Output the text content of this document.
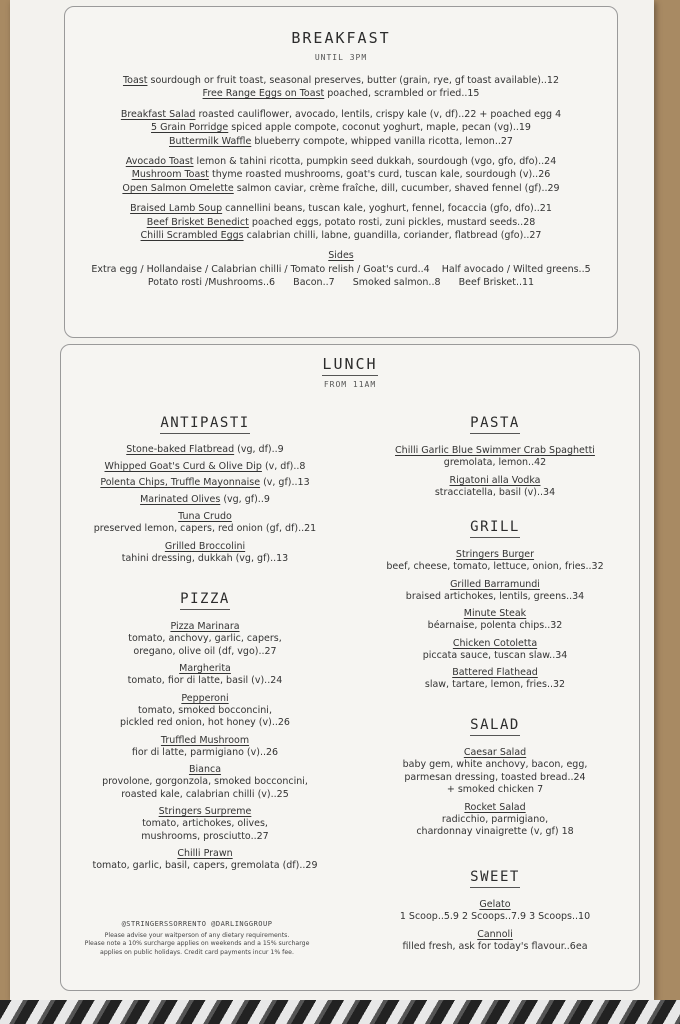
BREAKFAST
UNTIL 3PM
Toast sourdough or fruit toast, seasonal preserves, butter (grain, rye, gf toast available)..12
Free Range Eggs on Toast poached, scrambled or fried..15
Breakfast Salad roasted cauliflower, avocado, lentils, crispy kale (v, df)..22 + poached egg 4
5 Grain Porridge spiced apple compote, coconut yoghurt, maple, pecan (vg)..19
Buttermilk Waffle blueberry compote, whipped vanilla ricotta, lemon..27
Avocado Toast lemon & tahini ricotta, pumpkin seed dukkah, sourdough (vgo, gfo, dfo)..24
Mushroom Toast thyme roasted mushrooms, goat's curd, tuscan kale, sourdough (v)..26
Open Salmon Omelette salmon caviar, crème fraîche, dill, cucumber, shaved fennel (gf)..29
Braised Lamb Soup cannellini beans, tuscan kale, yoghurt, fennel, focaccia (gfo, dfo)..21
Beef Brisket Benedict poached eggs, potato rosti, zuni pickles, mustard seeds..28
Chilli Scrambled Eggs calabrian chilli, labne, guandilla, coriander, flatbread (gfo)..27
Sides
Extra egg / Hollandaise / Calabrian chilli / Tomato relish / Goat's curd..4    Half avocado / Wilted greens..5
Potato rosti /Mushrooms..6      Bacon..7      Smoked salmon..8      Beef Brisket..11
LUNCH
FROM 11AM
ANTIPASTI
Stone-baked Flatbread (vg, df)..9
Whipped Goat's Curd & Olive Dip (v, df)..8
Polenta Chips, Truffle Mayonnaise (v, gf)..13
Marinated Olives (vg, gf)..9
Tuna Crudo
preserved lemon, capers, red onion (gf, df)..21
Grilled Broccolini
tahini dressing, dukkah (vg, gf)..13
PIZZA
Pizza Marinara
tomato, anchovy, garlic, capers,
oregano, olive oil (df, vgo)..27
Margherita
tomato, fior di latte, basil (v)..24
Pepperoni
tomato, smoked bocconcini,
pickled red onion, hot honey (v)..26
Truffled Mushroom
fior di latte, parmigiano (v)..26
Bianca
provolone, gorgonzola, smoked bocconcini,
roasted kale, calabrian chilli (v)..25
Stringers Surpreme
tomato, artichokes, olives,
mushrooms, prosciutto..27
Chilli Prawn
tomato, garlic, basil, capers, gremolata (df)..29
PASTA
Chilli Garlic Blue Swimmer Crab Spaghetti
gremolata, lemon..42
Rigatoni alla Vodka
stracciatella, basil (v)..34
GRILL
Stringers Burger
beef, cheese, tomato, lettuce, onion, fries..32
Grilled Barramundi
braised artichokes, lentils, greens..34
Minute Steak
béarnaise, polenta chips..32
Chicken Cotoletta
piccata sauce, tuscan slaw..34
Battered Flathead
slaw, tartare, lemon, fries..32
SALAD
Caesar Salad
baby gem, white anchovy, bacon, egg,
parmesan dressing, toasted bread..24
+ smoked chicken 7
Rocket Salad
radicchio, parmigiano,
chardonnay vinaigrette (v, gf) 18
SWEET
Gelato
1 Scoop..5.9 2 Scoops..7.9 3 Scoops..10
Cannoli
filled fresh, ask for today's flavour..6ea
@STRINGERSSORRENTO @DARLINGGROUP
Please advise your waitperson of any dietary requirements.
Please note a 10% surcharge applies on weekends and a 15% surcharge
applies on public holidays. Credit card payments incur 1% fee.
